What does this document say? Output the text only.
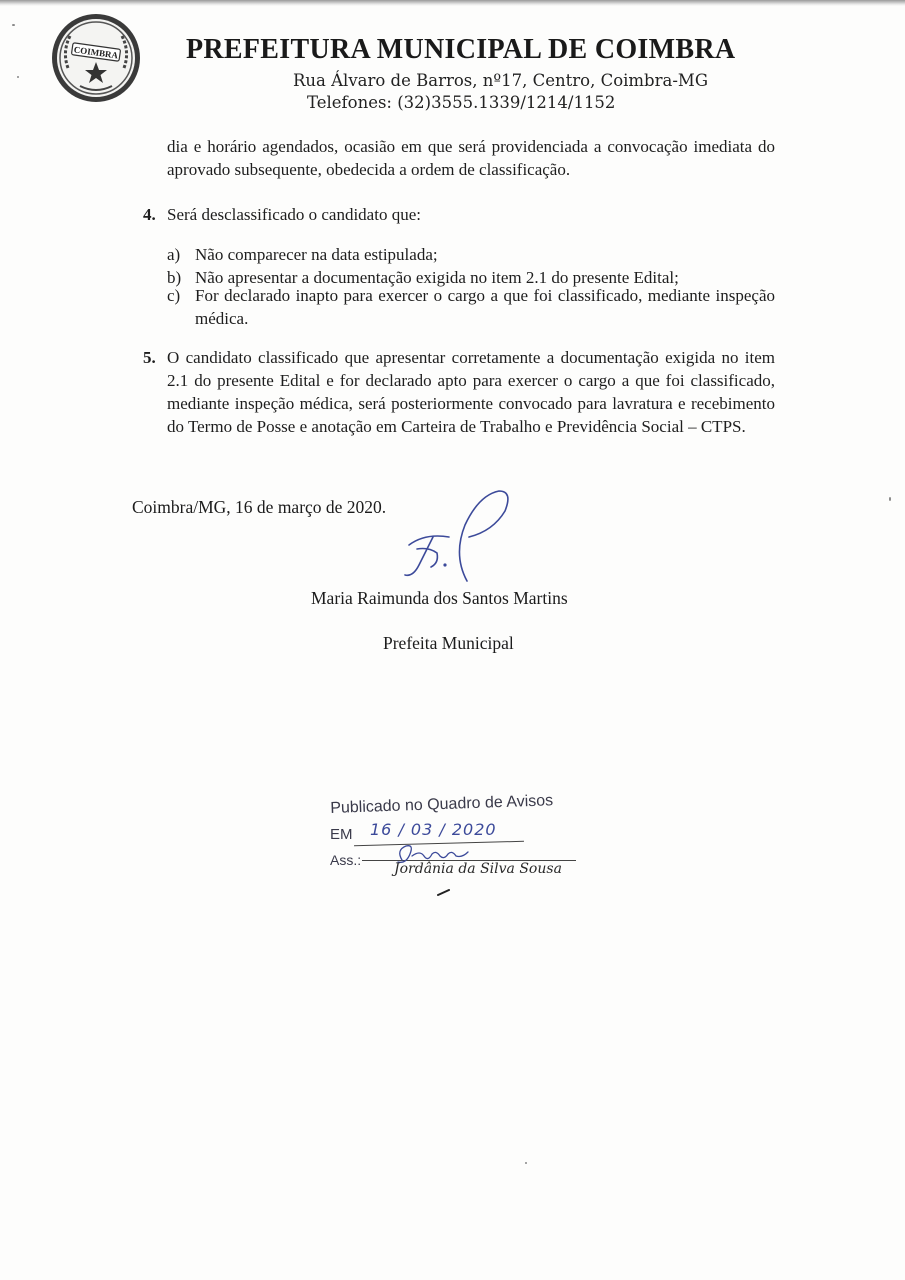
COIMBRA PREFEITURA MUNICIPAL DE COIMBRA
Rua Álvaro de Barros, nº17, Centro, Coimbra-MG
Telefones: (32)3555.1339/1214/1152
dia e horário agendados, ocasião em que será providenciada a convocação imediata do aprovado subsequente, obedecida a ordem de classificação.
4. Será desclassificado o candidato que:
a) Não comparecer na data estipulada;
b) Não apresentar a documentação exigida no item 2.1 do presente Edital;
c) For declarado inapto para exercer o cargo a que foi classificado, mediante inspeção médica.
5. O candidato classificado que apresentar corretamente a documentação exigida no item 2.1 do presente Edital e for declarado apto para exercer o cargo a que foi classificado, mediante inspeção médica, será posteriormente convocado para lavratura e recebimento do Termo de Posse e anotação em Carteira de Trabalho e Previdência Social – CTPS.
Coimbra/MG, 16 de março de 2020.
Maria Raimunda dos Santos Martins
Prefeita Municipal
Publicado no Quadro de Avisos
EM 16 / 03 / 2020
Ass.:
Jordânia da Silva Sousa
